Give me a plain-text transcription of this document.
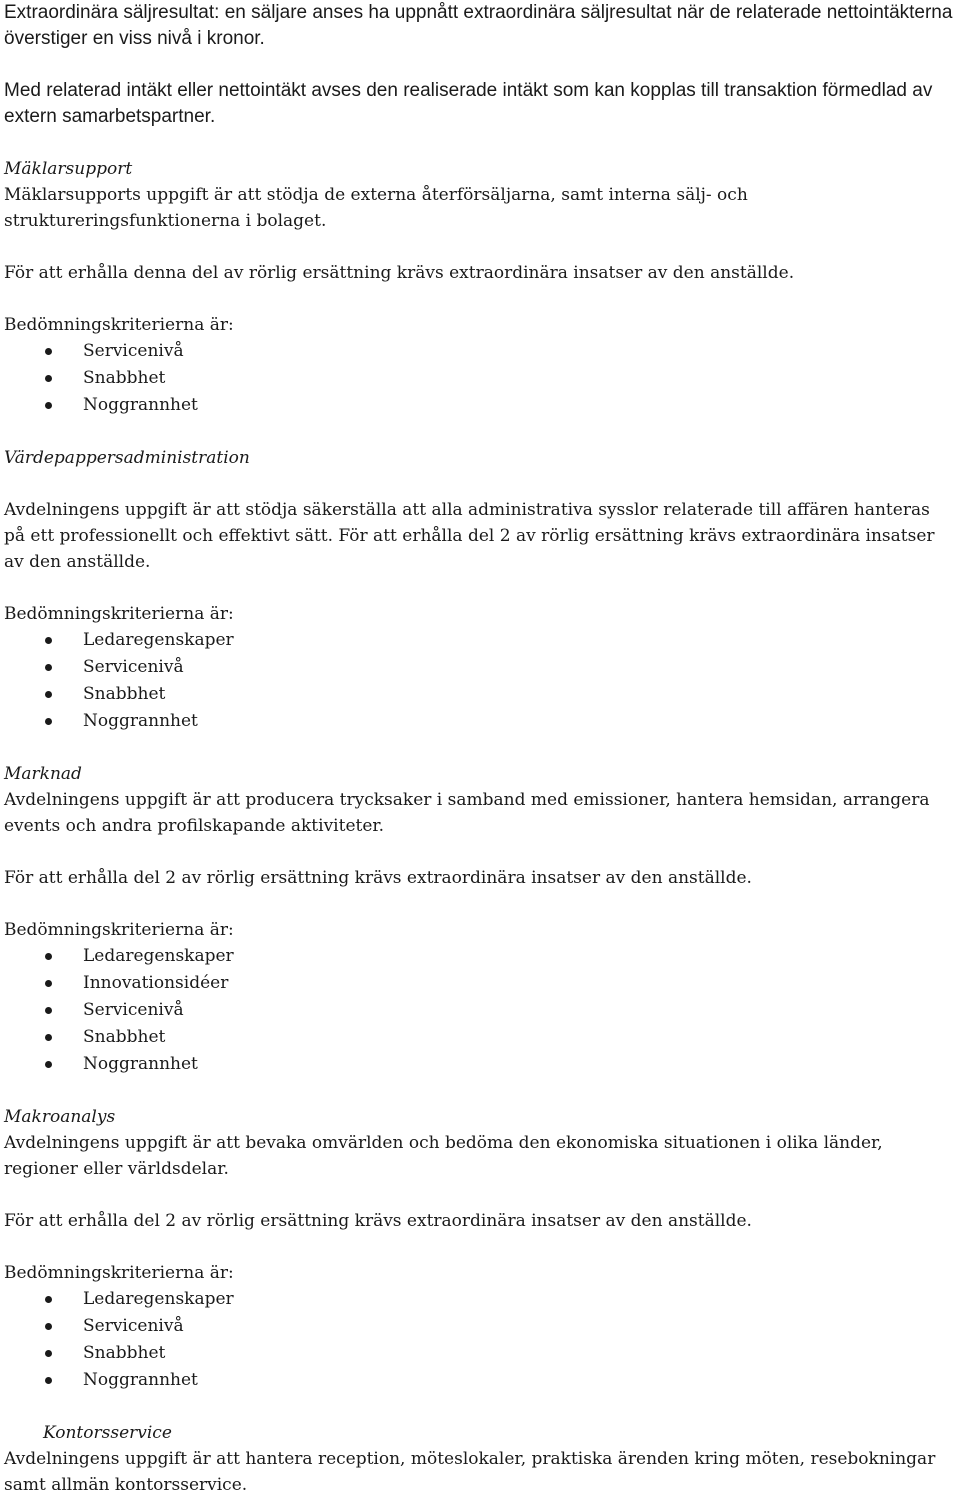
Extraordinära säljresultat: en säljare anses ha uppnått extraordinära säljresultat när de relaterade nettointäkterna överstiger en viss nivå i kronor.

Med relaterad intäkt eller nettointäkt avses den realiserade intäkt som kan kopplas till transaktion förmedlad av extern samarbetspartner.

Mäklarsupport

Mäklarsupports uppgift är att stödja de externa återförsäljarna, samt interna sälj- och struktureringsfunktionerna i bolaget.

För att erhålla denna del av rörlig ersättning krävs extraordinära insatser av den anställde.

Bedömningskriterierna är:

Servicenivå
Snabbhet
Noggrannhet

Värdepappersadministration

Avdelningens uppgift är att stödja säkerställa att alla administrativa sysslor relaterade till affären hanteras på ett professionellt och effektivt sätt. För att erhålla del 2 av rörlig ersättning krävs extraordinära insatser av den anställde.

Bedömningskriterierna är:

Ledaregenskaper
Servicenivå
Snabbhet
Noggrannhet

Marknad

Avdelningens uppgift är att producera trycksaker i samband med emissioner, hantera hemsidan, arrangera events och andra profilskapande aktiviteter.

För att erhålla del 2 av rörlig ersättning krävs extraordinära insatser av den anställde.

Bedömningskriterierna är:

Ledaregenskaper
Innovationsidéer
Servicenivå
Snabbhet
Noggrannhet

Makroanalys

Avdelningens uppgift är att bevaka omvärlden och bedöma den ekonomiska situationen i olika länder, regioner eller världsdelar.

För att erhålla del 2 av rörlig ersättning krävs extraordinära insatser av den anställde.

Bedömningskriterierna är:

Ledaregenskaper
Servicenivå
Snabbhet
Noggrannhet

Kontorsservice

Avdelningens uppgift är att hantera reception, möteslokaler, praktiska ärenden kring möten, resebokningar samt allmän kontorsservice.
